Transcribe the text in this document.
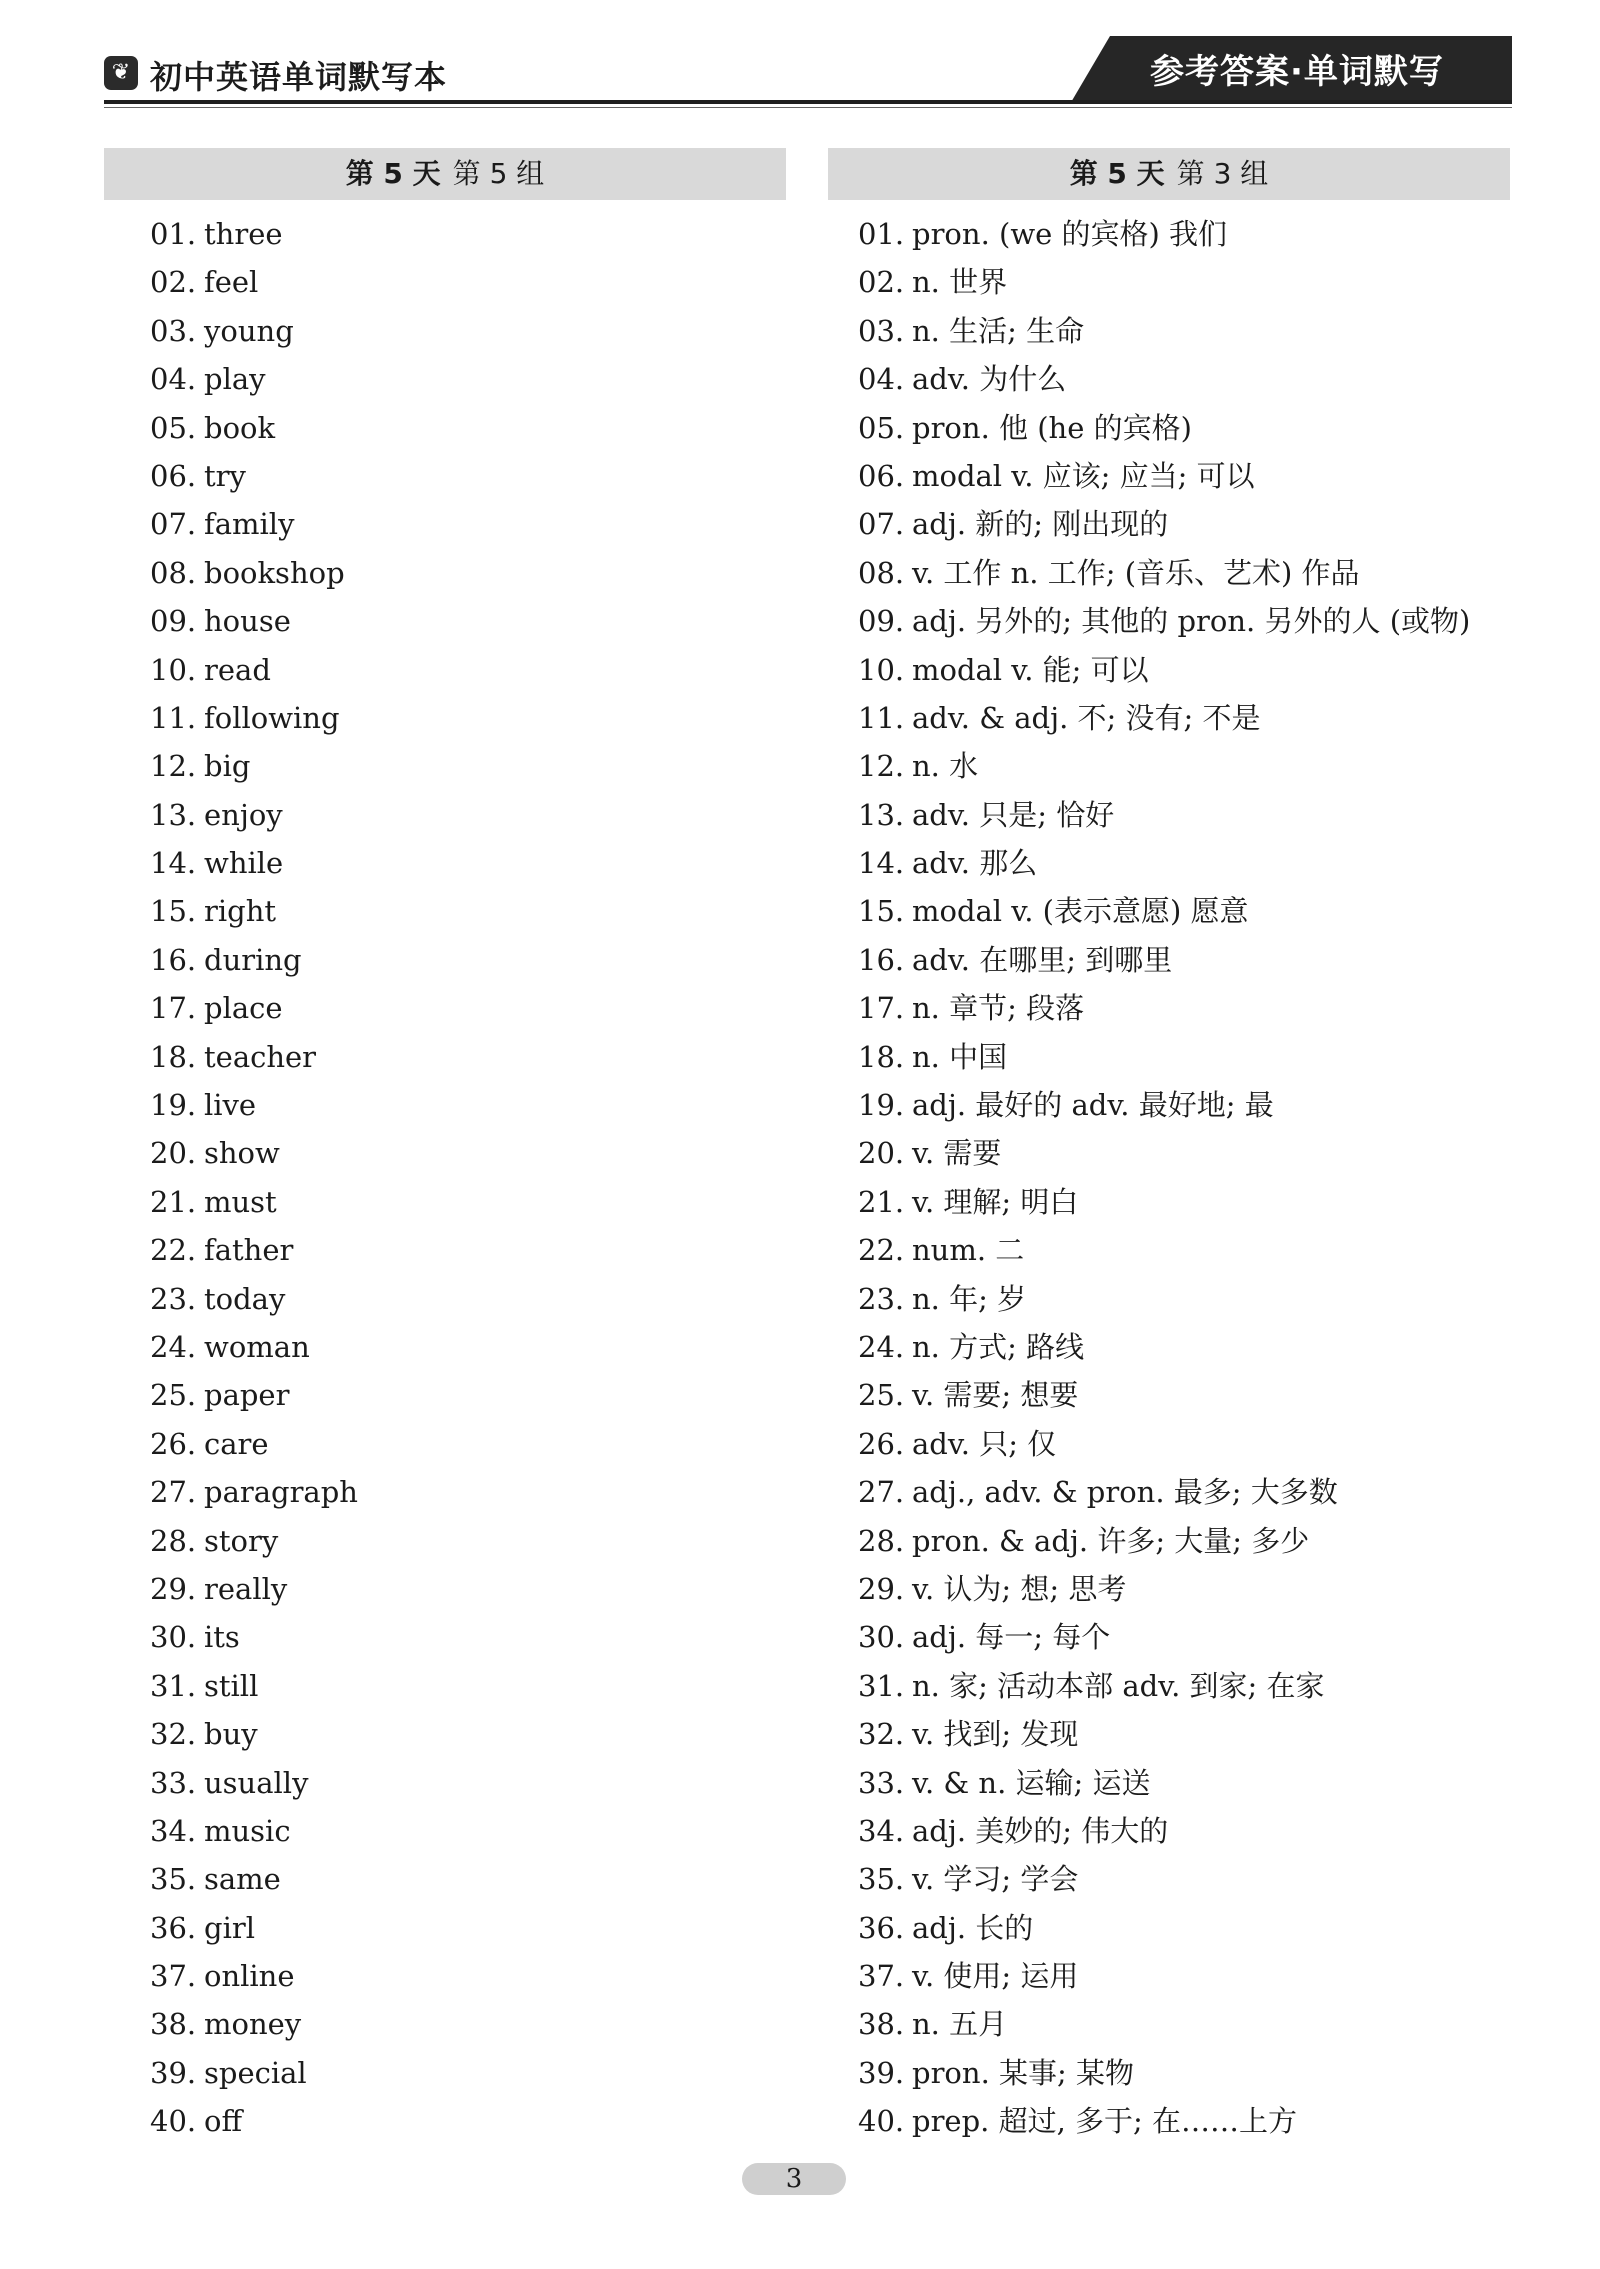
❦ 初中英语单词默写本	参考答案·单词默写
第 5 天 第 5 组	第 5 天 第 3 组
01. three
02. feel
03. young
04. play
05. book
06. try
07. family
08. bookshop
09. house
10. read
11. following
12. big
13. enjoy
14. while
15. right
16. during
17. place
18. teacher
19. live
20. show
21. must
22. father
23. today
24. woman
25. paper
26. care
27. paragraph
28. story
29. really
30. its
31. still
32. buy
33. usually
34. music
35. same
36. girl
37. online
38. money
39. special
40. off
01. pron. (we 的宾格) 我们
02. n. 世界
03. n. 生活; 生命
04. adv. 为什么
05. pron. 他 (he 的宾格)
06. modal v. 应该; 应当; 可以
07. adj. 新的; 刚出现的
08. v. 工作 n. 工作; (音乐、艺术) 作品
09. adj. 另外的; 其他的 pron. 另外的人 (或物)
10. modal v. 能; 可以
11. adv. & adj. 不; 没有; 不是
12. n. 水
13. adv. 只是; 恰好
14. adv. 那么
15. modal v. (表示意愿) 愿意
16. adv. 在哪里; 到哪里
17. n. 章节; 段落
18. n. 中国
19. adj. 最好的 adv. 最好地; 最
20. v. 需要
21. v. 理解; 明白
22. num. 二
23. n. 年; 岁
24. n. 方式; 路线
25. v. 需要; 想要
26. adv. 只; 仅
27. adj., adv. & pron. 最多; 大多数
28. pron. & adj. 许多; 大量; 多少
29. v. 认为; 想; 思考
30. adj. 每一; 每个
31. n. 家; 活动本部 adv. 到家; 在家
32. v. 找到; 发现
33. v. & n. 运输; 运送
34. adj. 美妙的; 伟大的
35. v. 学习; 学会
36. adj. 长的
37. v. 使用; 运用
38. n. 五月
39. pron. 某事; 某物
40. prep. 超过, 多于; 在……上方
3
